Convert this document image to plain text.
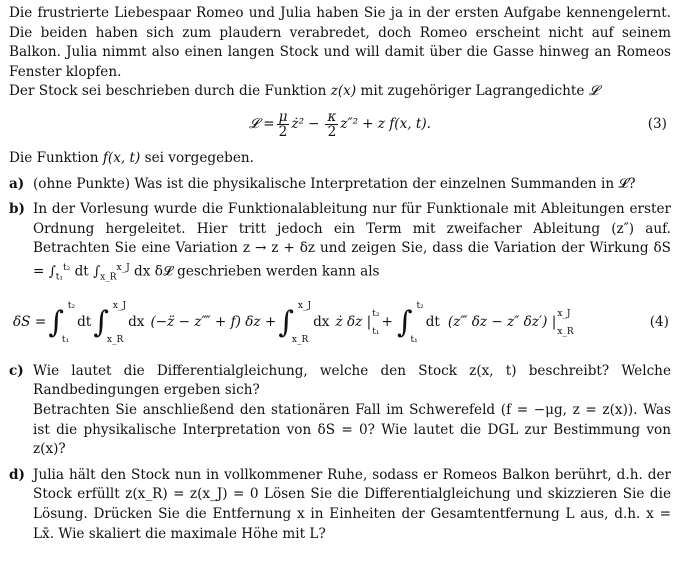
Die frustrierte Liebespaar Romeo und Julia haben Sie ja in der ersten Aufgabe kennengelernt. Die beiden haben sich zum plaudern verabredet, doch Romeo erscheint nicht auf seinem Balkon. Julia nimmt also einen langen Stock und will damit über die Gasse hinweg an Romeos Fenster klopfen.
Der Stock sei beschrieben durch die Funktion z(x) mit zugehöriger Lagrangedichte 𝓛

𝓛 = $\frac{\mu}{2}$ ż² − $\frac{\kappa}{2} z''^2 + z$ f(x, t).	(3)

Die Funktion f(x, t) sei vorgegeben.

a) (ohne Punkte) Was ist die physikalische Interpretation der einzelnen Summanden in 𝓛?
b) In der Vorlesung wurde die Funktionalableitung nur für Funktionale mit Ableitungen erster Ordnung hergeleitet. Hier tritt jedoch ein Term mit zweifacher Ableitung (z″) auf. Betrachten Sie eine Variation z → z + δz und zeigen Sie, dass die Variation der Wirkung $\delta S = \int_{t_1}^{t_2}$ dt $\int_{x\_R}^{x\_J}$ dx δ𝓛 geschrieben werden kann als
δS = ∫ t₂
t₁
dt ∫ x_J
x_R
dx (−z̈ − z⁗ + f) δz + ∫ x_J
x_R
dx ż δz |
t₂
t₁
+ ∫ t₂
t₁
dt (z‴ δz − z″ δz′) |
x_J
x_R
(4)
c) Wie lautet die Differentialgleichung, welche den Stock z(x, t) beschreibt? Welche Randbedingungen ergeben sich?
Betrachten Sie anschließend den stationären Fall im Schwerefeld (f = −μg, z = z(x)). Was ist die physikalische Interpretation von δS = 0? Wie lautet die DGL zur Bestimmung von z(x)?
d) Julia hält den Stock nun in vollkommener Ruhe, sodass er Romeos Balkon berührt, d.h. der Stock erfüllt z(x_R) = z(x_J) = 0 Lösen Sie die Differentialgleichung und skizzieren Sie die Lösung. Drücken Sie die Entfernung x in Einheiten der Gesamtentfernung L aus, d.h. x = Lx̄. Wie skaliert die maximale Höhe mit L?
